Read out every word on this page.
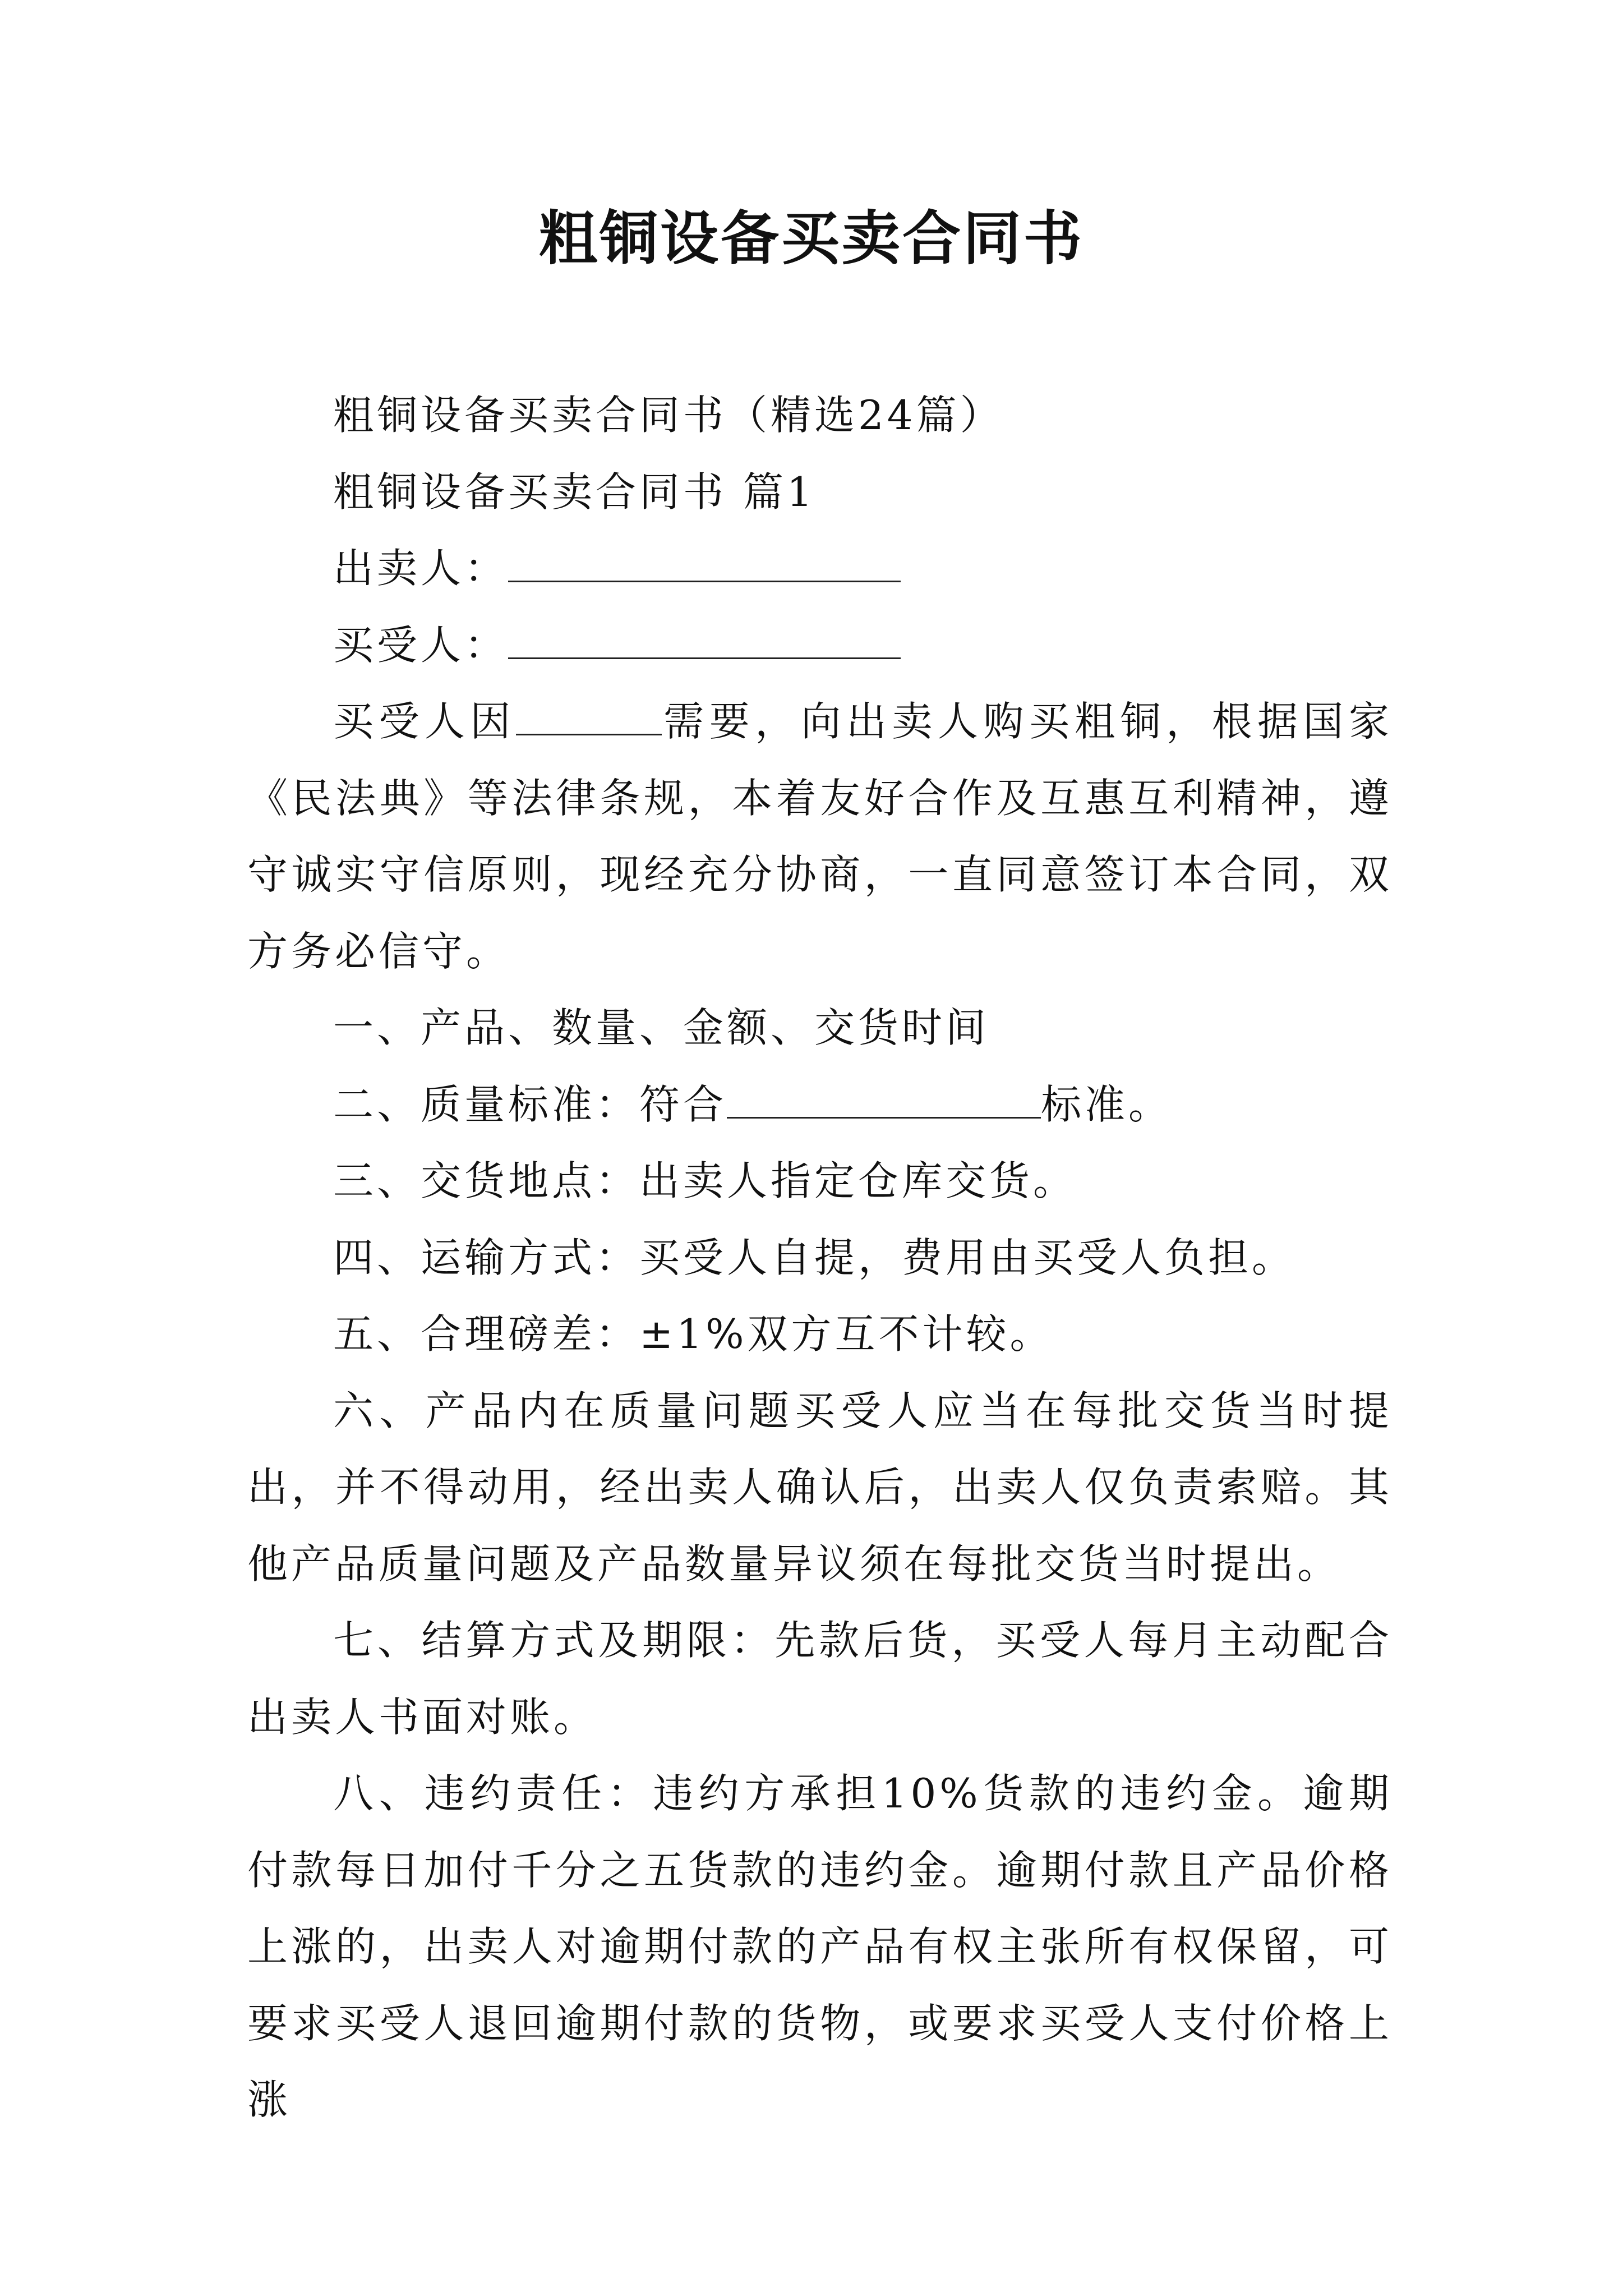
粗铜设备买卖合同书

粗铜设备买卖合同书（精选24篇）

粗铜设备买卖合同书 篇1

出卖人：

买受人：

买受人因	需要，向出卖人购买粗铜，根据国家《民法典》等法律条规，本着友好合作及互惠互利精神，遵守诚实守信原则，现经充分协商，一直同意签订本合同，双方务必信守。

一、产品、数量、金额、交货时间

二、质量标准：符合	标准。

三、交货地点：出卖人指定仓库交货。

四、运输方式：买受人自提，费用由买受人负担。

五、合理磅差：±1%双方互不计较。

六、产品内在质量问题买受人应当在每批交货当时提出，并不得动用，经出卖人确认后，出卖人仅负责索赔。其他产品质量问题及产品数量异议须在每批交货当时提出。

七、结算方式及期限：先款后货，买受人每月主动配合出卖人书面对账。

八、违约责任：违约方承担10%货款的违约金。逾期付款每日加付千分之五货款的违约金。逾期付款且产品价格上涨的，出卖人对逾期付款的产品有权主张所有权保留，可要求买受人退回逾期付款的货物，或要求买受人支付价格上涨
